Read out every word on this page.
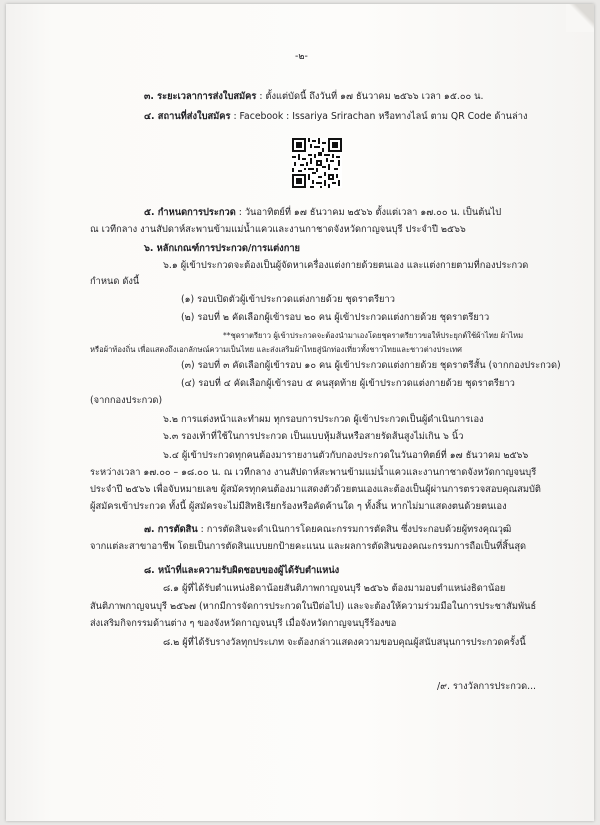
-๒-
๓. ระยะเวลาการส่งใบสมัคร : ตั้งแต่บัดนี้ ถึงวันที่ ๑๗ ธันวาคม ๒๕๖๖ เวลา ๑๕.๐๐ น.
๔. สถานที่ส่งใบสมัคร : Facebook : Issariya Srirachan หรือทางไลน์ ตาม QR Code ด้านล่าง
๕. กำหนดการประกวด : วันอาทิตย์ที่ ๑๗ ธันวาคม ๒๕๖๖ ตั้งแต่เวลา ๑๗.๐๐ น. เป็นต้นไป
ณ เวทีกลาง งานสัปดาห์สะพานข้ามแม่น้ำแควและงานกาชาดจังหวัดกาญจนบุรี ประจำปี ๒๕๖๖
๖. หลักเกณฑ์การประกวด/การแต่งกาย
๖.๑ ผู้เข้าประกวดจะต้องเป็นผู้จัดหาเครื่องแต่งกายด้วยตนเอง และแต่งกายตามที่กองประกวด
กำหนด ดังนี้
(๑) รอบเปิดตัวผู้เข้าประกวดแต่งกายด้วย ชุดราตรียาว
(๒) รอบที่ ๒ คัดเลือกผู้เข้ารอบ ๒๐ คน ผู้เข้าประกวดแต่งกายด้วย ชุดราตรียาว
**ชุดราตรียาว ผู้เข้าประกวดจะต้องนำมาเองโดยชุดราตรียาวขอให้ประยุกต์ใช้ผ้าไทย ผ้าไหม
หรือผ้าท้องถิ่น เพื่อแสดงถึงเอกลักษณ์ความเป็นไทย และส่งเสริมผ้าไทยสู่นักท่องเที่ยวทั้งชาวไทยและชาวต่างประเทศ
(๓) รอบที่ ๓ คัดเลือกผู้เข้ารอบ ๑๐ คน ผู้เข้าประกวดแต่งกายด้วย ชุดราตรีสั้น (จากกองประกวด)
(๔) รอบที่ ๔ คัดเลือกผู้เข้ารอบ ๕ คนสุดท้าย ผู้เข้าประกวดแต่งกายด้วย ชุดราตรียาว
(จากกองประกวด)
๖.๒ การแต่งหน้าและทำผม ทุกรอบการประกวด ผู้เข้าประกวดเป็นผู้ดำเนินการเอง
๖.๓ รองเท้าที่ใช้ในการประกวด เป็นแบบหุ้มส้นหรือสายรัดส้นสูงไม่เกิน ๖ นิ้ว
๖.๔ ผู้เข้าประกวดทุกคนต้องมารายงานตัวกับกองประกวดในวันอาทิตย์ที่ ๑๗ ธันวาคม ๒๕๖๖
ระหว่างเวลา ๑๗.๐๐ – ๑๘.๐๐ น. ณ เวทีกลาง งานสัปดาห์สะพานข้ามแม่น้ำแควและงานกาชาดจังหวัดกาญจนบุรี
ประจำปี ๒๕๖๖ เพื่อจับหมายเลข ผู้สมัครทุกคนต้องมาแสดงตัวด้วยตนเองและต้องเป็นผู้ผ่านการตรวจสอบคุณสมบัติ
ผู้สมัครเข้าประกวด ทั้งนี้ ผู้สมัครจะไม่มีสิทธิเรียกร้องหรือคัดค้านใด ๆ ทั้งสิ้น หากไม่มาแสดงตนด้วยตนเอง
๗. การตัดสิน : การตัดสินจะดำเนินการโดยคณะกรรมการตัดสิน ซึ่งประกอบด้วยผู้ทรงคุณวุฒิ
จากแต่ละสาขาอาชีพ โดยเป็นการตัดสินแบบยกป้ายคะแนน และผลการตัดสินของคณะกรรมการถือเป็นที่สิ้นสุด
๘. หน้าที่และความรับผิดชอบของผู้ได้รับตำแหน่ง
๘.๑ ผู้ที่ได้รับตำแหน่งธิดาน้อยสันติภาพกาญจนบุรี ๒๕๖๖ ต้องมามอบตำแหน่งธิดาน้อย
สันติภาพกาญจนบุรี ๒๕๖๗ (หากมีการจัดการประกวดในปีต่อไป) และจะต้องให้ความร่วมมือในการประชาสัมพันธ์
ส่งเสริมกิจกรรมด้านต่าง ๆ ของจังหวัดกาญจนบุรี เมื่อจังหวัดกาญจนบุรีร้องขอ
๘.๒ ผู้ที่ได้รับรางวัลทุกประเภท จะต้องกล่าวแสดงความขอบคุณผู้สนับสนุนการประกวดครั้งนี้
/๙. รางวัลการประกวด...
